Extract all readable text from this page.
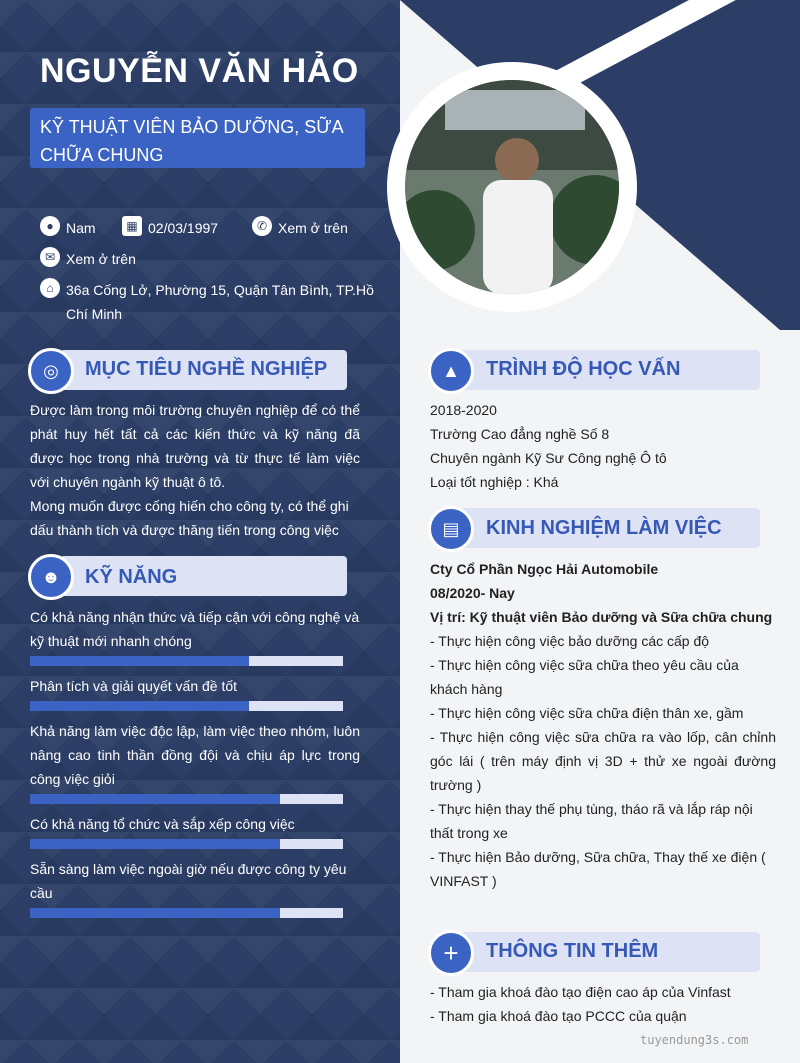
NGUYỄN VĂN HẢO
KỸ THUẬT VIÊN BẢO DƯỠNG, SỮA CHỮA CHUNG
● Nam	▦ 02/03/1997	✆ Xem ở trên
✉ Xem ở trên
⌂ 36a Cống Lở, Phường 15, Quận Tân Bình, TP.Hồ Chí Minh
◎	MỤC TIÊU NGHỀ NGHIỆP
Được làm trong môi trường chuyên nghiệp để có thể phát huy hết tất cả các kiến thức và kỹ năng đã được học trong nhà trường và từ thực tế làm việc với chuyên ngành kỹ thuật ô tô.
Mong muốn được cống hiến cho công ty, có thể ghi dấu thành tích và được thăng tiến trong công việc
☻	KỸ NĂNG
Có khả năng nhận thức và tiếp cận với công nghệ và kỹ thuật mới nhanh chóng
Phân tích và giải quyết vấn đề tốt
Khả năng làm việc độc lập, làm việc theo nhóm, luôn nâng cao tinh thần đồng đội và chịu áp lực trong công việc giỏi
Có khả năng tổ chức và sắp xếp công việc
Sẵn sàng làm việc ngoài giờ nếu được công ty yêu cầu
▲	TRÌNH ĐỘ HỌC VẤN
2018-2020
Trường Cao đẳng nghề Số 8
Chuyên ngành Kỹ Sư Công nghệ Ô tô
Loại tốt nghiệp : Khá
▤	KINH NGHIỆM LÀM VIỆC
Cty Cổ Phần Ngọc Hải Automobile
08/2020- Nay
Vị trí: Kỹ thuật viên Bảo dưỡng và Sữa chữa chung
- Thực hiện công việc bảo dưỡng các cấp độ
- Thực hiện công việc sữa chữa theo yêu cầu của khách hàng
- Thực hiện công việc sữa chữa điện thân xe, gầm
- Thực hiện công việc sữa chữa ra vào lốp, cân chỉnh góc lái ( trên máy định vị 3D + thử xe ngoài đường trường )
- Thực hiện thay thế phụ tùng, tháo rã và lắp ráp nội thất trong xe
- Thực hiện Bảo dưỡng, Sữa chữa, Thay thế xe điện ( VINFAST )
+	THÔNG TIN THÊM
- Tham gia khoá đào tạo điện cao áp của Vinfast
- Tham gia khoá đào tạo PCCC của quận
tuyendung3s.com
